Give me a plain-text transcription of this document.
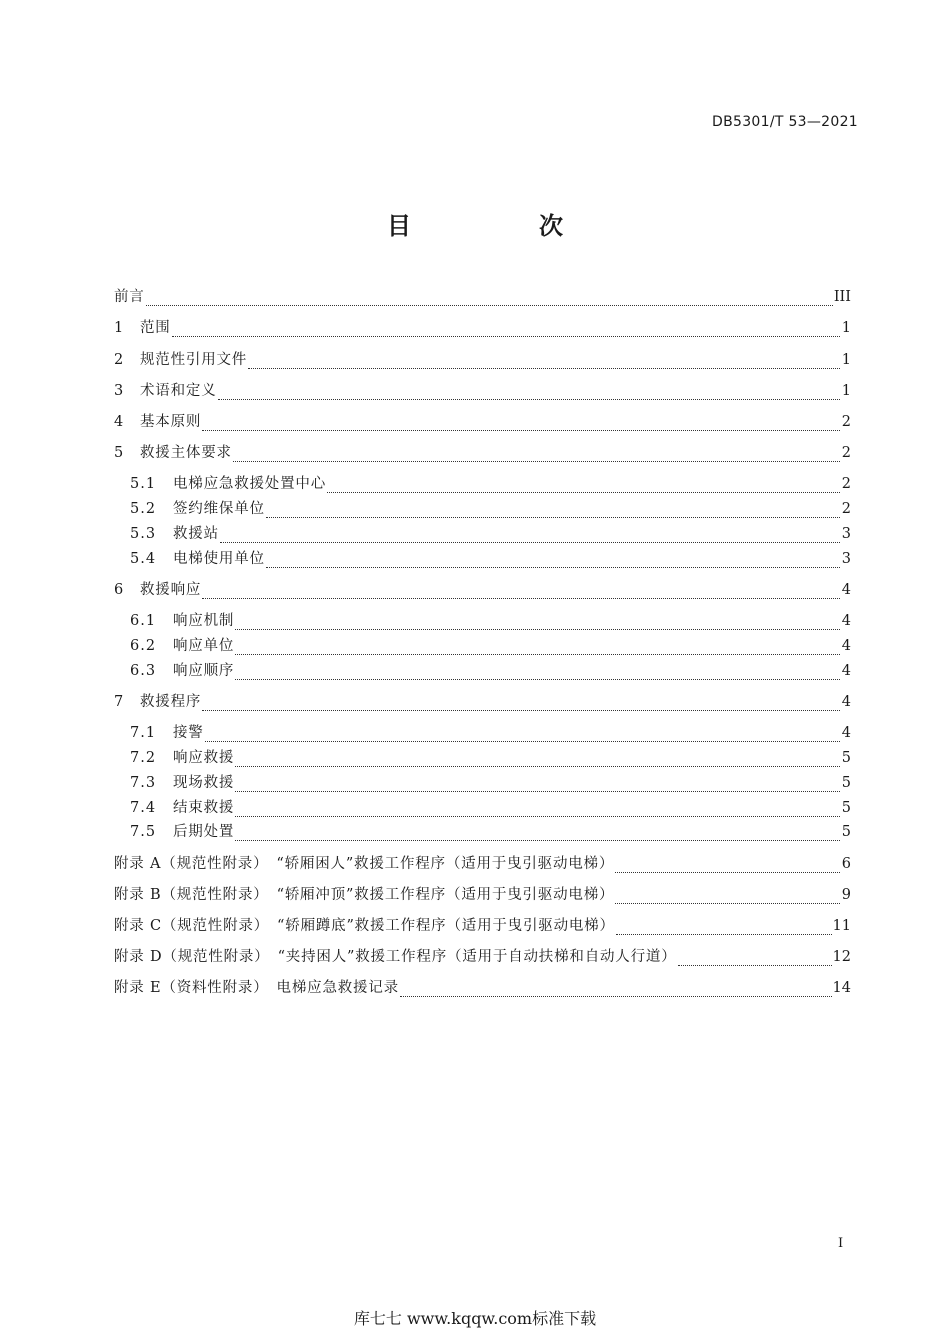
DB5301/T 53—2021
目　次
前言	III
1	范围	1
2	规范性引用文件	1
3	术语和定义	1
4	基本原则	2
5	救援主体要求	2
5.1	电梯应急救援处置中心	2
5.2	签约维保单位	2
5.3	救援站	3
5.4	电梯使用单位	3
6	救援响应	4
6.1	响应机制	4
6.2	响应单位	4
6.3	响应顺序	4
7	救援程序	4
7.1	接警	4
7.2	响应救援	5
7.3	现场救援	5
7.4	结束救援	5
7.5	后期处置	5
附录 A（规范性附录）　“轿厢困人”救援工作程序（适用于曳引驱动电梯）	6
附录 B（规范性附录）　“轿厢冲顶”救援工作程序（适用于曳引驱动电梯）	9
附录 C（规范性附录）　“轿厢蹲底”救援工作程序（适用于曳引驱动电梯）	11
附录 D（规范性附录）　“夹持困人”救援工作程序（适用于自动扶梯和自动人行道）	12
附录 E（资料性附录）　电梯应急救援记录	14
I
库七七 www.kqqw.com标准下载
